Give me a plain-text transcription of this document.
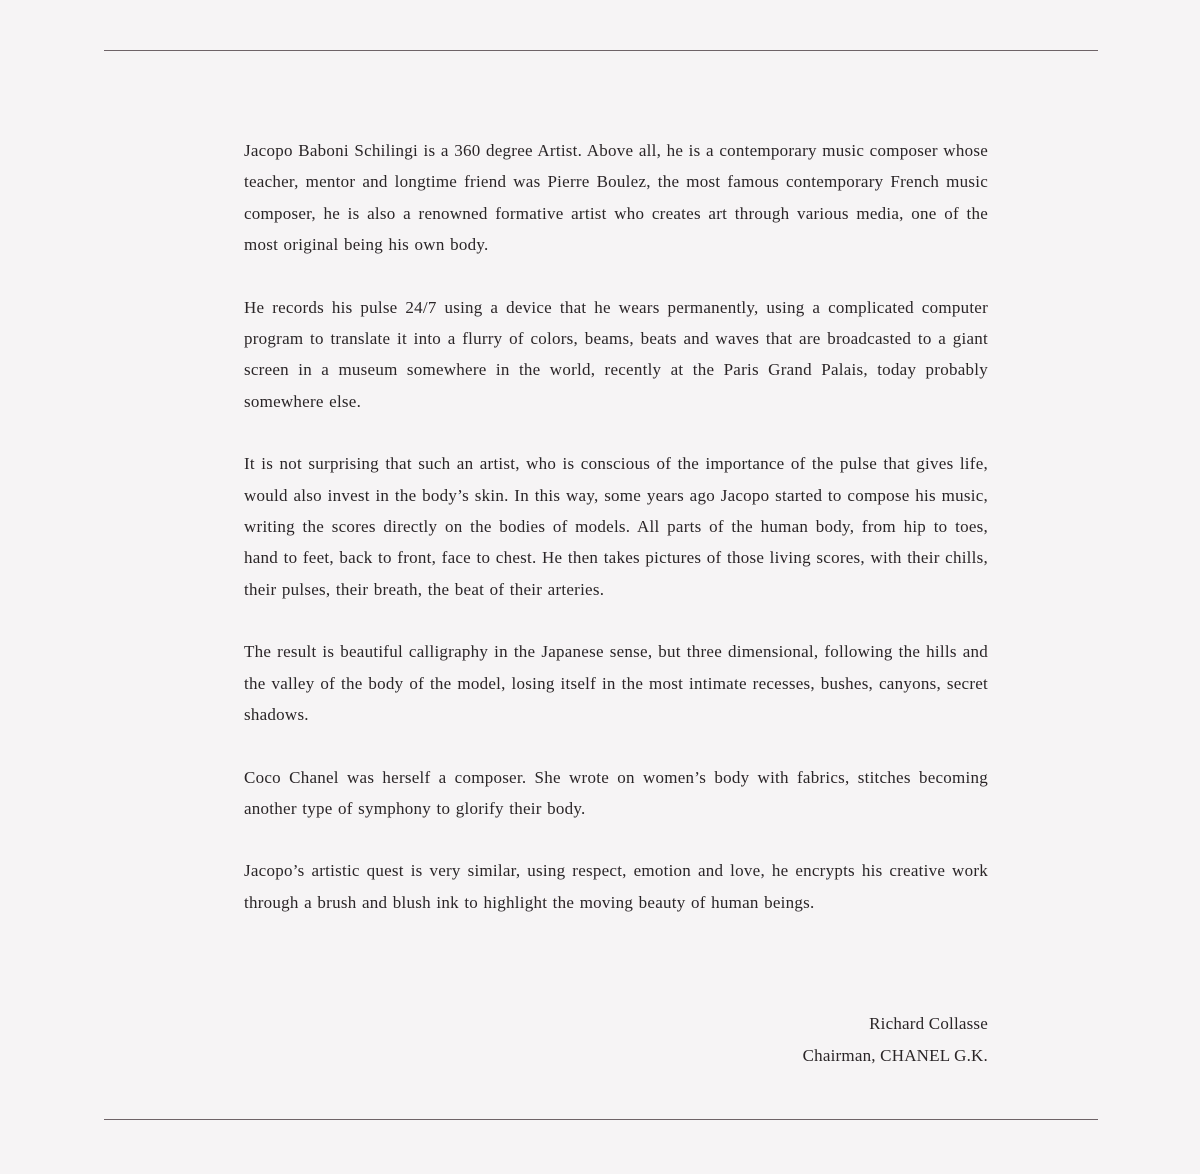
Jacopo Baboni Schilingi is a 360 degree Artist. Above all, he is a contemporary music composer whose teacher, mentor and longtime friend was Pierre Boulez, the most famous contemporary French music composer, he is also a renowned formative artist who creates art through various media, one of the most original being his own body.

He records his pulse 24/7 using a device that he wears permanently, using a complicated computer program to translate it into a flurry of colors, beams, beats and waves that are broadcasted to a giant screen in a museum somewhere in the world, recently at the Paris Grand Palais, today probably somewhere else.

It is not surprising that such an artist, who is conscious of the importance of the pulse that gives life, would also invest in the body’s skin. In this way, some years ago Jacopo started to compose his music, writing the scores directly on the bodies of models. All parts of the human body, from hip to toes, hand to feet, back to front, face to chest. He then takes pictures of those living scores, with their chills, their pulses, their breath, the beat of their arteries.

The result is beautiful calligraphy in the Japanese sense, but three dimensional, following the hills and the valley of the body of the model, losing itself in the most intimate recesses, bushes, canyons, secret shadows.

Coco Chanel was herself a composer. She wrote on women’s body with fabrics, stitches becoming another type of symphony to glorify their body.

Jacopo’s artistic quest is very similar, using respect, emotion and love, he encrypts his creative work through a brush and blush ink to highlight the moving beauty of human beings.

Richard Collasse
Chairman, CHANEL G.K.
